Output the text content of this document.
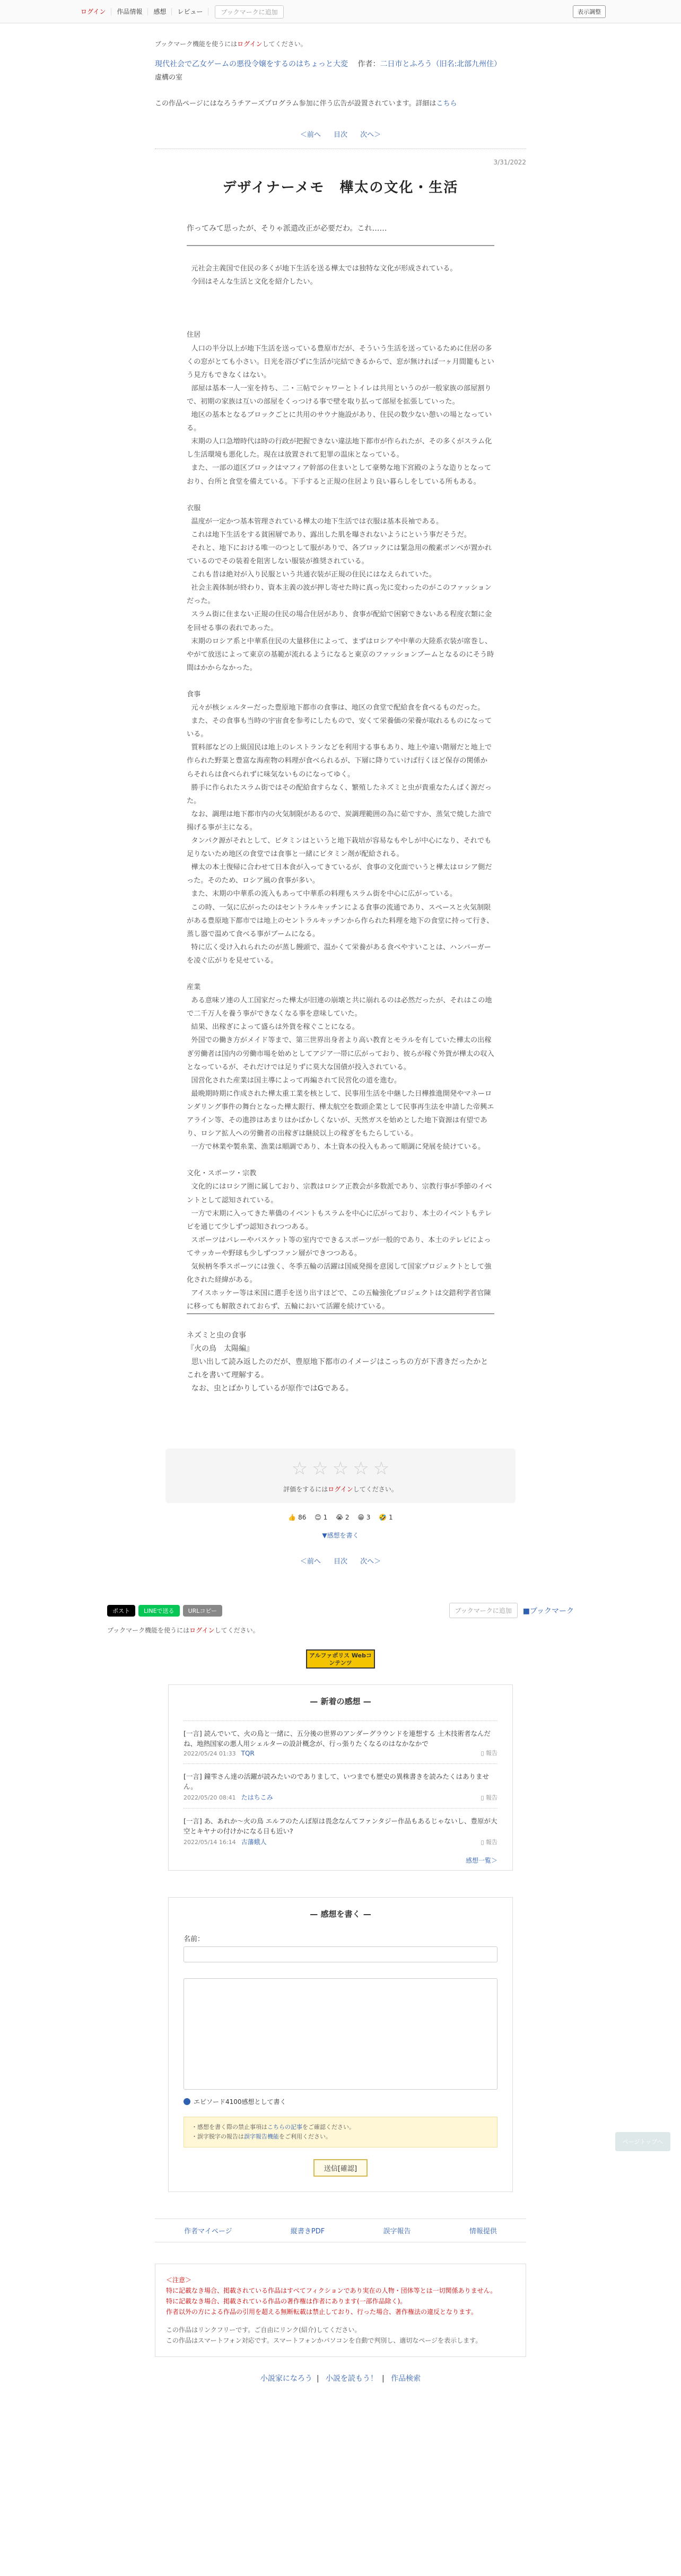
ログイン	作品情報	感想	レビュー	ブックマークに追加	表示調整
ブックマーク機能を使うにはログインしてください。
現代社会で乙女ゲームの悪役令嬢をするのはちょっと大変 作者：二日市とふろう（旧名:北部九州住）
虚構の室
この作品ページにはなろうチアーズプログラム参加に伴う広告が設置されています。詳細はこちら
＜前へ 目次 次へ＞
3/31/2022
デザイナーメモ　樺太の文化・生活
作ってみて思ったが、そりゃ派遣改正が必要だわ。これ……
元社会主義国で住民の多くが地下生活を送る樺太では独特な文化が形成されている。
今回はそんな生活と文化を紹介したい。

住居
人口の半分以上が地下生活を送っている豊原市だが、そういう生活を送っているために住居の多くの窓がとても小さい。日光を浴びずに生活が完結できるからで、窓が無ければ一ヶ月間籠もという見方もできなくはない。
部屋は基本一人一室を持ち、二・三帖でシャワーとトイレは共用というのが一般家族の部屋割りで、初期の家族は互いの部屋をくっつける事で壁を取り払って部屋を拡張していった。
地区の基本となるブロックごとに共用のサウナ施設があり、住民の数少ない憩いの場となっている。
末期の人口急増時代は時の行政が把握できない違法地下都市が作られたが、その多くがスラム化し生活環境も悪化した。現在は放置されて犯罪の温床となっている。
また、一部の道区ブロックはマフィア幹部の住まいとして豪勢な地下宮殿のような造りとなっており、台所と食堂を備えている。下手すると正規の住居より良い暮らしをしている所もある。

衣服
温度が一定かつ基本管理されている樺太の地下生活では衣服は基本長袖である。
これは地下生活をする貧困層であり、露出した肌を曝されないようにという事だそうだ。
それと、地下における唯一のつとして服がありで、各ブロックには緊急用の酸素ボンベが置かれているのでその装着を阻害しない服装が推奨されている。
これも昔は絶対が入り民服という共通衣装が正規の住民にはなえられていた。
社会主義体制が終わり、資本主義の波が押し寄せた時に真っ先に変わったのがこのファッションだった。
スラム街に住まない正規の住民の場合住居があり、食事が配給で困窮できないある程度衣類に金を回せる事の表れであった。
末期のロシア系と中華系住民の大量移住によって、まずはロシアや中華の大陸系衣装が席巻し、やがて放送によって東京の基範が流れるようになると東京のファッションブームとなるのにそう時間はかからなかった。

食事
元々が核シェルターだった豊原地下都市の食事は、地区の食堂で配給食を食べるものだった。
また、その食事も当時の宇宙食を参考にしたもので、安くて栄養価の栄養が取れるものになっている。
質料部などの上級国民は地上のレストランなどを利用する事もあり、地上や違い階層だと地上で作られた野菜と豊富な海産物の料理が食べられるが、下層に降りていけば行くほど保存の関係からそれらは食べられずに味気ないものになってゆく。
勝手に作られたスラム街ではその配給食すらなく、繁殖したネズミと虫が貴重なたんぱく源だった。
なお、調理は地下都市内の火気制限があるので、炭調理範囲の為に茹ですか、蒸気で焼した油で揚げる事が主になる。
タンパク源がそれとして、ビタミンはというと地下栽培が容易なもやしが中心になり、それでも足りないため地区の食堂では食事と一緒にビタミン剤が配給される。
樺太の本土復帰に合わせて日本食が入ってきているが、食事の文化面でいうと樺太はロシア側だった。そのため、ロシア風の食事が多い。
また、末期の中華系の流入もあって中華系の料理もスラム街を中心に広がっている。
この時、一気に広がったのはセントラルキッチンによる食事の流通であり、スペースと火気制限がある豊原地下都市では地上のセントラルキッチンから作られた料理を地下の食堂に持って行き、蒸し器で温めて食べる事がブームになる。
特に広く受け入れられたのが蒸し饅頭で、温かくて栄養がある食べやすいことは、ハンバーガーを凌ぐ広がりを見せている。

産業
ある意味ソ連の人工国家だった樺太が旧連の崩壊と共に崩れるのは必然だったが、それはこの地で二千万人を養う事ができなくなる事を意味していた。
結果、出稼ぎによって盛らは外貨を稼ぐことになる。
外国での働き方がメイド等まで、第三世界出身者より高い教育とモラルを有していた樺太の出稼ぎ労働者は国内の労働市場を始めとしてアジア一帯に広がっており、彼らが稼ぐ外貨が樺太の収入となっているが、それだけでは足りずに莫大な国債が投入されている。
国営化された産業は国主導によって再編されて民営化の道を進む。
最晩期時期に作成された樺太重工業を核として、民事用生活を中継した日樺推進開発やマネーロンダリング事件の舞台となった樺太銀行、樺太航空を数頭企業として民事再生法を申請した帝興エアライン等、その進捗はあまりはかばかしくないが、天然ガスを始めとした地下資源は有望であり、ロシア拡人への労働者の出稼ぎは継続以上の稼ぎをもたらしている。
一方で林業や製糸業、漁業は順調であり、本土資本の投入もあって順調に発展を続けている。

文化・スポーツ・宗教
文化的にはロシア圏に属しており、宗教はロシア正教会が多数派であり、宗教行事が季節のイベントとして認知されている。
一方で末期に入ってきた華僑のイベントもスラムを中心に広がっており、本土のイベントもテレビを通じて少しずつ認知されつつある。
スポーツはバレーやバスケット等の室内でできるスポーツが一般的であり、本土のテレビによってサッカーや野球も少しずつファン層ができつつある。
気候柄冬季スポーツには強く、冬季五輪の活躍は国威発揚を意図して国家プロジェクトとして強化された経緯がある。
アイスホッケー等は米国に選手を送り出すほどで、この五輪強化プロジェクトは交錯利学者官陳に移っても解散されておらず、五輪において活躍を続けている。
ネズミと虫の食事
『火の鳥　太陽編』
思い出して読み返したのだが、豊原地下都市のイメージはこっちの方が下書きだったかとこれを書いて理解する。
なお、虫とばかりしているが原作ではGである。
☆ ☆ ☆ ☆ ☆
評価をするにはログインしてください。
👍 86 😊 1 😭 2 😁 3 🤣 1
▼感想を書く
＜前へ 目次 次へ＞
ポスト	LINEで送る	URLコピー	ブックマークに追加	■ブックマーク
ブックマーク機能を使うにはログインしてください。
アルファポリス Webコンテンツ
— 新着の感想 —
[一言] 読んでいて、火の鳥と一緒に、五分後の世界のアンダーグラウンドを連想する 土木技術者なんだね、地熱国家の悪人用シェルターの設計概念が、行っ張りたくなるのはなかなかで
2022/05/24 01:33 TQR	▯ 報告
[一言] 鐘雫さん達の活躍が読みたいのでありまして、いつまでも歴史の異株書きを読みたくはありません。
2022/05/20 08:41 たはちこみ	▯ 報告
[一言] あ、あれか〜火の鳥 エルフのたんぽ原は畏念なんてファンタジー作品もあるじゃないし、豊原が大空とキヤナの付けかになる日も近い?
2022/05/14 16:14 古藩蛾人	▯ 報告
感想一覧＞
— 感想を書く —
名前：
エピソード4100感想として書く
・感想を書く際の禁止事項はこちらの記事をご確認ください。
・誤字脱字の報告は誤字報告機能をご利用ください。
送信[確認]
作者マイページ	縦書きPDF	誤字報告	情報提供
＜注意＞
特に記載なき場合、掲載されている作品はすべてフィクションであり実在の人物・団体等とは一切関係ありません。
特に記載なき場合、掲載されている作品の著作権は作者にあります(一部作品除く)。
作者以外の方による作品の引用を超える無断転載は禁止しており、行った場合、著作権法の違反となります。
この作品はリンクフリーです。ご自由にリンク(紹介)してください。
この作品はスマートフォン対応です。スマートフォンかパソコンを自動で判別し、適切なページを表示します。
小説家になろう | 小説を読もう！ | 作品検索
ページトップへ
